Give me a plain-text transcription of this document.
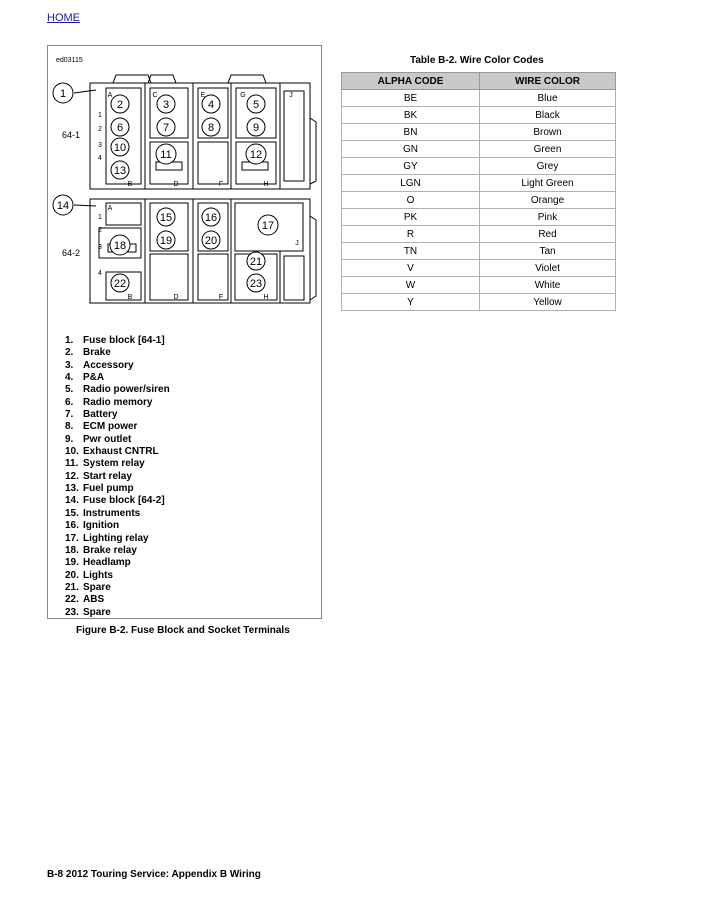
HOME
ed03115
A	C	E	G	J
B	D	F	H
1
2
3
4
64-1
A
B	D	F	H
J
1
2
3
4
64-2
1
2	3	4	5
6	7	8	9
10
11	12
13
14
15	16
17
18	19	20
21
22	23
1. Fuse block [64-1]
2. Brake
3. Accessory
4. P&A
5. Radio power/siren
6. Radio memory
7. Battery
8. ECM power
9. Pwr outlet
10. Exhaust CNTRL
11. System relay
12. Start relay
13. Fuel pump
14. Fuse block [64-2]
15. Instruments
16. Ignition
17. Lighting relay
18. Brake relay
19. Headlamp
20. Lights
21. Spare
22. ABS
23. Spare
Figure B-2. Fuse Block and Socket Terminals
Table B-2. Wire Color Codes
ALPHA CODE	WIRE COLOR
BE	Blue
BK	Black
BN	Brown
GN	Green
GY	Grey
LGN	Light Green
O	Orange
PK	Pink
R	Red
TN	Tan
V	Violet
W	White
Y	Yellow
B-8 2012 Touring Service: Appendix B Wiring
